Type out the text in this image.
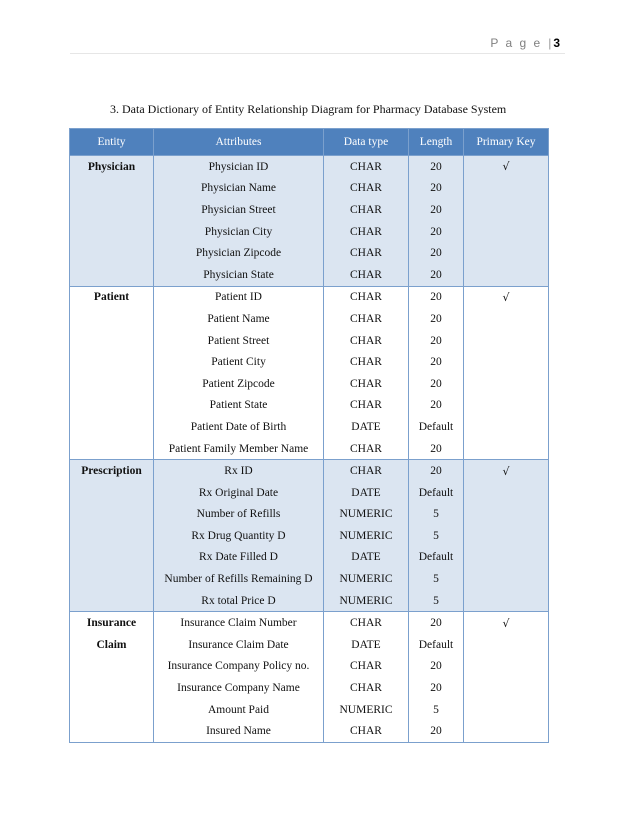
P a g e | 3
3. Data Dictionary of Entity Relationship Diagram for Pharmacy Database System
Entity	Attributes	Data type	Length	Primary Key
Physician	Physician ID	CHAR	20	√
	Physician Name	CHAR	20	
	Physician Street	CHAR	20	
	Physician City	CHAR	20	
	Physician Zipcode	CHAR	20	
	Physician State	CHAR	20	
Patient	Patient ID	CHAR	20	√
	Patient Name	CHAR	20	
	Patient Street	CHAR	20	
	Patient City	CHAR	20	
	Patient Zipcode	CHAR	20	
	Patient State	CHAR	20	
	Patient Date of Birth	DATE	Default	
	Patient Family Member Name	CHAR	20	
Prescription	Rx ID	CHAR	20	√
	Rx Original Date	DATE	Default	
	Number of Refills	NUMERIC	5	
	Rx Drug Quantity D	NUMERIC	5	
	Rx Date Filled D	DATE	Default	
	Number of Refills Remaining D	NUMERIC	5	
	Rx total Price D	NUMERIC	5	
Insurance	Insurance Claim Number	CHAR	20	√
Claim	Insurance Claim Date	DATE	Default	
	Insurance Company Policy no.	CHAR	20	
	Insurance Company Name	CHAR	20	
	Amount Paid	NUMERIC	5	
	Insured Name	CHAR	20	
